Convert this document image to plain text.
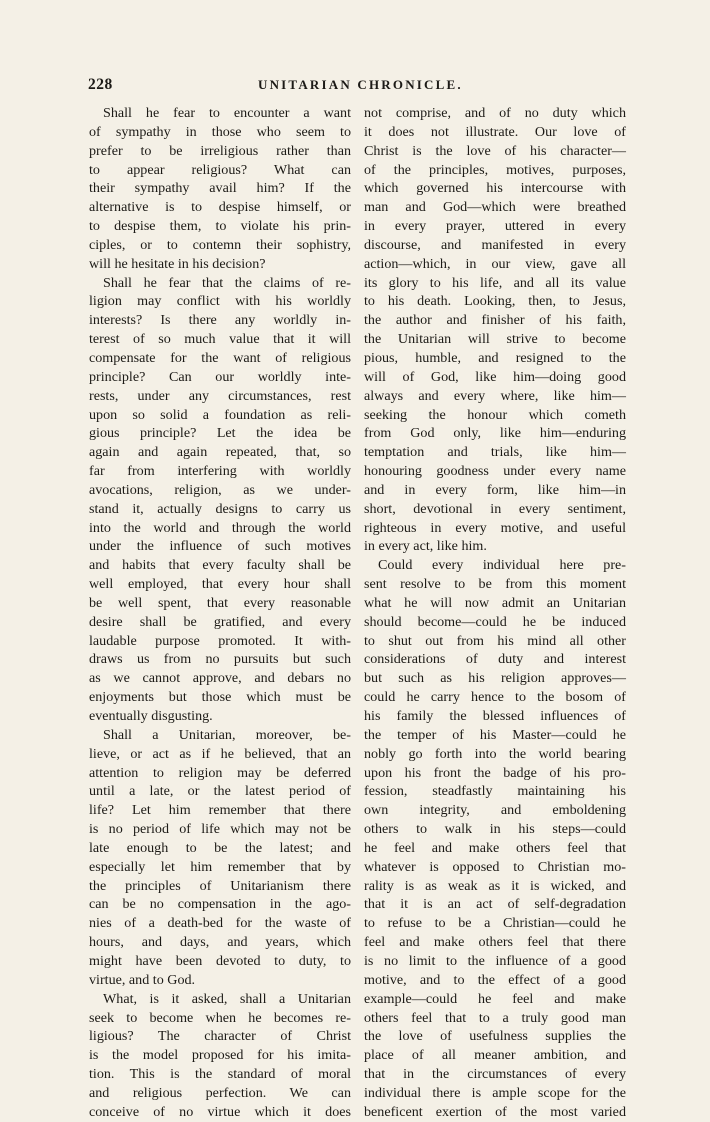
228	UNITARIAN CHRONICLE.
Shall he fear to encounter a want
of sympathy in those who seem to
prefer to be irreligious rather than
to appear religious? What can
their sympathy avail him? If the
alternative is to despise himself, or
to despise them, to violate his prin-
ciples, or to contemn their sophistry,
will he hesitate in his decision?
Shall he fear that the claims of re-
ligion may conflict with his worldly
interests? Is there any worldly in-
terest of so much value that it will
compensate for the want of religious
principle? Can our worldly inte-
rests, under any circumstances, rest
upon so solid a foundation as reli-
gious principle? Let the idea be
again and again repeated, that, so
far from interfering with worldly
avocations, religion, as we under-
stand it, actually designs to carry us
into the world and through the world
under the influence of such motives
and habits that every faculty shall be
well employed, that every hour shall
be well spent, that every reasonable
desire shall be gratified, and every
laudable purpose promoted. It with-
draws us from no pursuits but such
as we cannot approve, and debars no
enjoyments but those which must be
eventually disgusting.
Shall a Unitarian, moreover, be-
lieve, or act as if he believed, that an
attention to religion may be deferred
until a late, or the latest period of
life? Let him remember that there
is no period of life which may not be
late enough to be the latest; and
especially let him remember that by
the principles of Unitarianism there
can be no compensation in the ago-
nies of a death-bed for the waste of
hours, and days, and years, which
might have been devoted to duty, to
virtue, and to God.
What, is it asked, shall a Unitarian
seek to become when he becomes re-
ligious? The character of Christ
is the model proposed for his imita-
tion. This is the standard of moral
and religious perfection. We can
conceive of no virtue which it does
not comprise, and of no duty which
it does not illustrate. Our love of
Christ is the love of his character—
of the principles, motives, purposes,
which governed his intercourse with
man and God—which were breathed
in every prayer, uttered in every
discourse, and manifested in every
action—which, in our view, gave all
its glory to his life, and all its value
to his death. Looking, then, to Jesus,
the author and finisher of his faith,
the Unitarian will strive to become
pious, humble, and resigned to the
will of God, like him—doing good
always and every where, like him—
seeking the honour which cometh
from God only, like him—enduring
temptation and trials, like him—
honouring goodness under every name
and in every form, like him—in
short, devotional in every sentiment,
righteous in every motive, and useful
in every act, like him.
Could every individual here pre-
sent resolve to be from this moment
what he will now admit an Unitarian
should become—could he be induced
to shut out from his mind all other
considerations of duty and interest
but such as his religion approves—
could he carry hence to the bosom of
his family the blessed influences of
the temper of his Master—could he
nobly go forth into the world bearing
upon his front the badge of his pro-
fession, steadfastly maintaining his
own integrity, and emboldening
others to walk in his steps—could
he feel and make others feel that
whatever is opposed to Christian mo-
rality is as weak as it is wicked, and
that it is an act of self-degradation
to refuse to be a Christian—could he
feel and make others feel that there
is no limit to the influence of a good
motive, and to the effect of a good
example—could he feel and make
others feel that to a truly good man
the love of usefulness supplies the
place of all meaner ambition, and
that in the circumstances of every
individual there is ample scope for the
beneficent exertion of the most varied
